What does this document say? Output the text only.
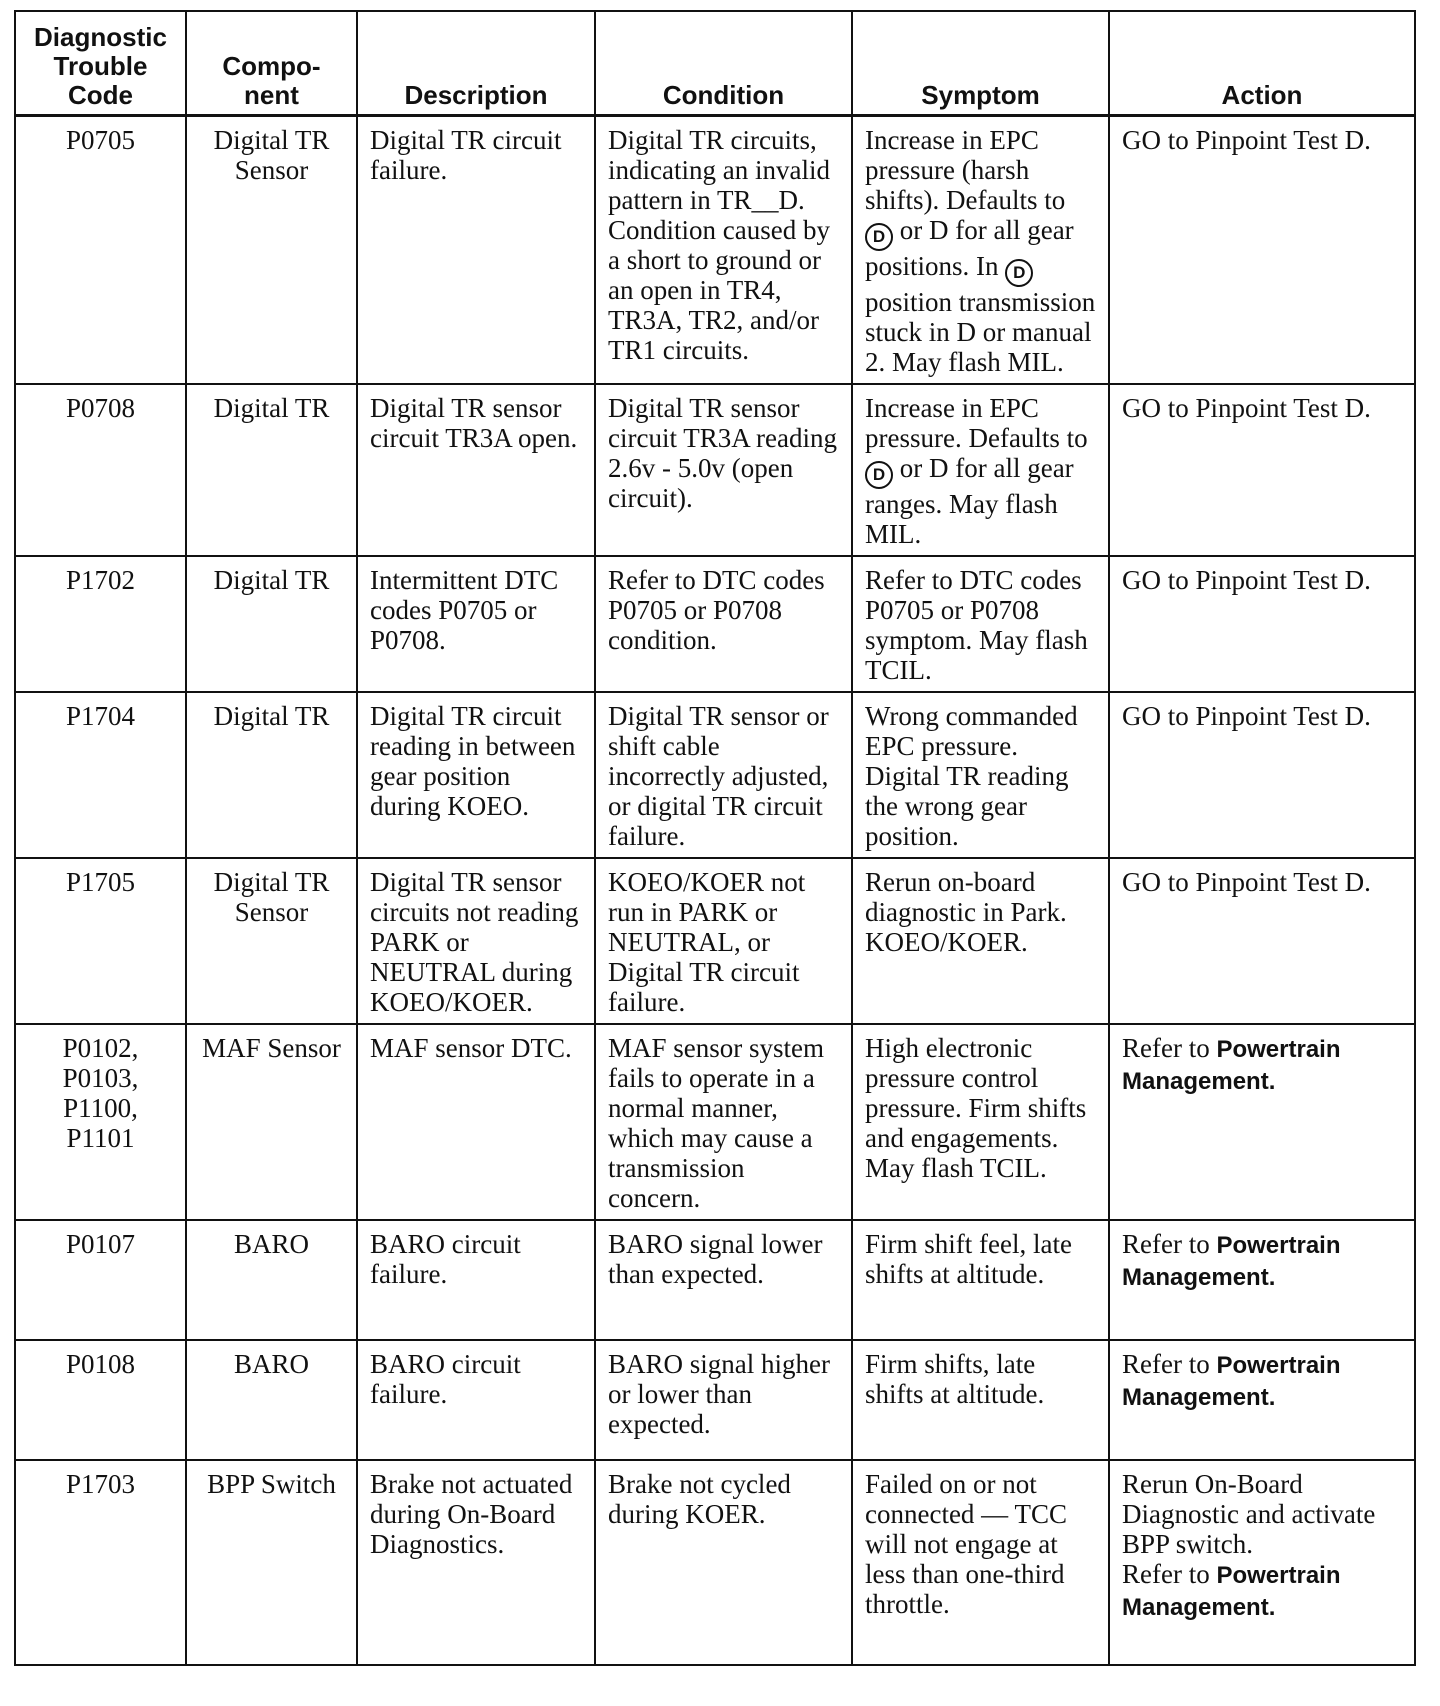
Diagnostic
Trouble
Code	Compo-
nent	Description	Condition	Symptom	Action

P0705	Digital TR Sensor	Digital TR circuit failure.	Digital TR circuits, indicating an invalid pattern in TR__D. Condition caused by a short to ground or an open in TR4, TR3A, TR2, and/or TR1 circuits.	Increase in EPC pressure (harsh shifts). Defaults to D or D for all gear positions. In D position transmission stuck in D or manual 2. May flash MIL.	GO to Pinpoint Test D.

P0708	Digital TR	Digital TR sensor circuit TR3A open.	Digital TR sensor circuit TR3A reading 2.6v - 5.0v (open circuit).	Increase in EPC pressure. Defaults to D or D for all gear ranges. May flash MIL.	GO to Pinpoint Test D.

P1702	Digital TR	Intermittent DTC codes P0705 or P0708.	Refer to DTC codes P0705 or P0708 condition.	Refer to DTC codes P0705 or P0708 symptom. May flash TCIL.	GO to Pinpoint Test D.

P1704	Digital TR	Digital TR circuit reading in between gear position during KOEO.	Digital TR sensor or shift cable incorrectly adjusted, or digital TR circuit failure.	Wrong commanded EPC pressure. Digital TR reading the wrong gear position.	GO to Pinpoint Test D.

P1705	Digital TR Sensor	Digital TR sensor circuits not reading PARK or NEUTRAL during KOEO/KOER.	KOEO/KOER not run in PARK or NEUTRAL, or Digital TR circuit failure.	Rerun on-board diagnostic in Park. KOEO/KOER.	GO to Pinpoint Test D.

P0102,
P0103,
P1100,
P1101	MAF Sensor	MAF sensor DTC.	MAF sensor system fails to operate in a normal manner, which may cause a transmission concern.	High electronic pressure control pressure. Firm shifts and engagements. May flash TCIL.	Refer to Powertrain Management.

P0107	BARO	BARO circuit failure.	BARO signal lower than expected.	Firm shift feel, late shifts at altitude.	Refer to Powertrain Management.

P0108	BARO	BARO circuit failure.	BARO signal higher or lower than expected.	Firm shifts, late shifts at altitude.	Refer to Powertrain Management.

P1703	BPP Switch	Brake not actuated during On-Board Diagnostics.	Brake not cycled during KOER.	Failed on or not connected — TCC will not engage at less than one-third throttle.	Rerun On-Board Diagnostic and activate BPP switch.
Refer to Powertrain Management.
